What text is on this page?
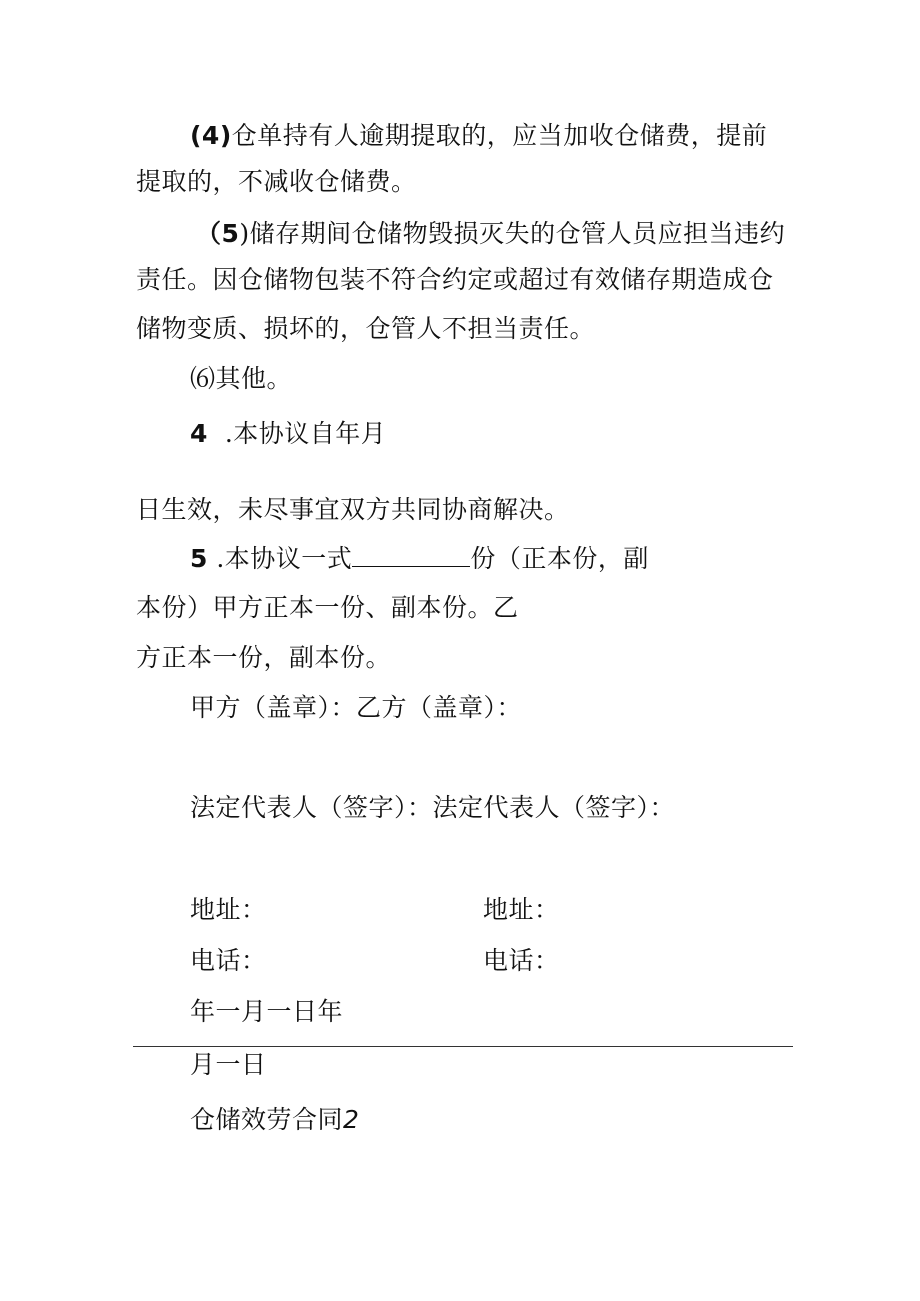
(4)仓单持有人逾期提取的，应当加收仓储费，提前
提取的，不减收仓储费。
（5)储存期间仓储物毁损灭失的仓管人员应担当违约
责任。因仓储物包装不符合约定或超过有效储存期造成仓
储物变质、损坏的，仓管人不担当责任。
⑹其他。
4 .本协议自年月
日生效，未尽事宜双方共同协商解决。
5 .本协议一式	份（正本份，副
本份）甲方正本一份、副本份。乙
方正本一份，副本份。
甲方（盖章）：乙方（盖章）：
法定代表人（签字）：法定代表人（签字）：
地址：	地址：
电话：	电话：
年一月一日年
月一日
仓储效劳合同2
